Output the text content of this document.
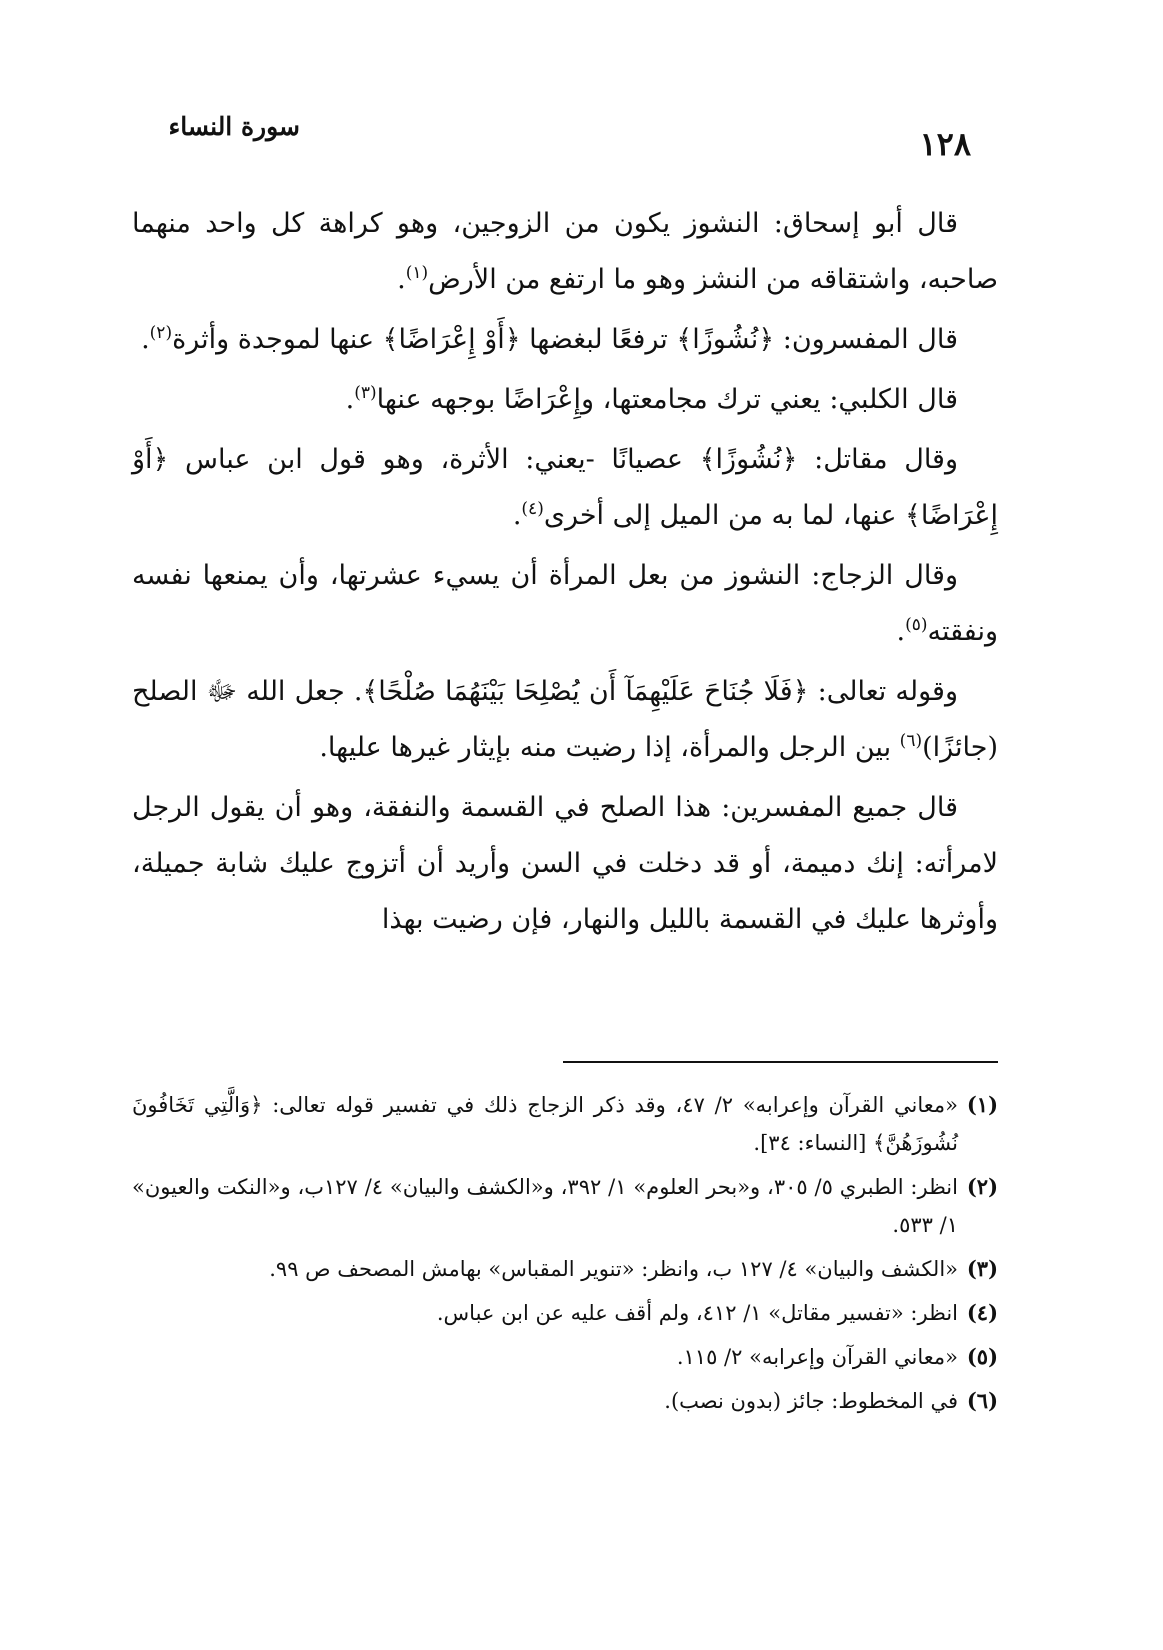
سورة النساء	١٢٨

قال أبو إسحاق: النشوز يكون من الزوجين، وهو كراهة كل واحد منهما صاحبه، واشتقاقه من النشز وهو ما ارتفع من الأرض$^{(١)}$.

قال المفسرون: ﴿نُشُوزًا﴾ ترفعًا لبغضها ﴿أَوْ إِعْرَاضًا﴾ عنها لموجدة وأثرة$^{(٢)}$.

قال الكلبي: يعني ترك مجامعتها، وإِعْرَاضًا بوجهه عنها$^{(٣)}$.

وقال مقاتل: ﴿نُشُوزًا﴾ عصيانًا -يعني: الأثرة، وهو قول ابن عباس ﴿أَوْ إِعْرَاضًا﴾ عنها، لما به من الميل إلى أخرى$^{(٤)}$.

وقال الزجاج: النشوز من بعل المرأة أن يسيء عشرتها، وأن يمنعها نفسه ونفقته$^{(٥)}$.

وقوله تعالى: ﴿فَلَا جُنَاحَ عَلَيْهِمَآ أَن يُصْلِحَا بَيْنَهُمَا صُلْحًا﴾. جعل الله ﷻ الصلح (جائزًا)$^{(٦)}$ بين الرجل والمرأة، إذا رضيت منه بإيثار غيرها عليها.

قال جميع المفسرين: هذا الصلح في القسمة والنفقة، وهو أن يقول الرجل لامرأته: إنك دميمة، أو قد دخلت في السن وأريد أن أتزوج عليك شابة جميلة، وأوثرها عليك في القسمة بالليل والنهار، فإن رضيت بهذا

(١)
«معاني القرآن وإعرابه» ٢/ ٤٧، وقد ذكر الزجاج ذلك في تفسير قوله تعالى: ﴿وَالَّتِي تَخَافُونَ نُشُوزَهُنَّ﴾ [النساء: ٣٤].
(٢)
انظر: الطبري ٥/ ٣٠٥، و«بحر العلوم» ١/ ٣٩٢، و«الكشف والبيان» ٤/ ١٢٧ب، و«النكت والعيون» ١/ ٥٣٣.
(٣)
«الكشف والبيان» ٤/ ١٢٧ ب، وانظر: «تنوير المقباس» بهامش المصحف ص ٩٩.
(٤)
انظر: «تفسير مقاتل» ١/ ٤١٢، ولم أقف عليه عن ابن عباس.
(٥)
«معاني القرآن وإعرابه» ٢/ ١١٥.
(٦)
في المخطوط: جائز (بدون نصب).
